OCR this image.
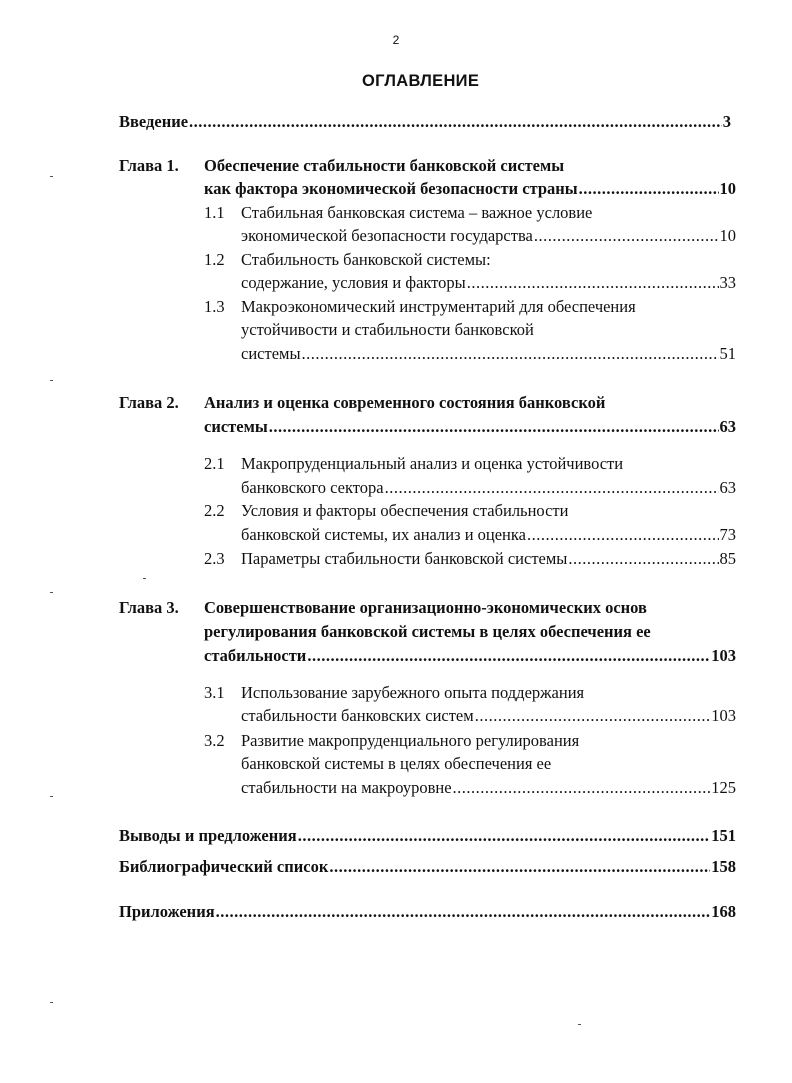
2
ОГЛАВЛЕНИЕ
Введение .....	3
Глава 1. Обеспечение стабильности банковской системы
как фактора экономической безопасности страны .....	10
1.1 Стабильная банковская система – важное условие
экономической безопасности государства .....	10
1.2 Стабильность банковской системы:
содержание, условия и факторы .....	33
1.3 Макроэкономический инструментарий для обеспечения
устойчивости и стабильности банковской
системы .....	51
Глава 2. Анализ и оценка современного состояния банковской
системы .....	63
2.1 Макропруденциальный анализ и оценка устойчивости
банковского сектора .....	63
2.2 Условия и факторы обеспечения стабильности
банковской системы, их анализ и оценка .....	73
2.3 Параметры стабильности банковской системы .....	85
Глава 3. Совершенствование организационно-экономических основ
регулирования банковской системы в целях обеспечения ее
стабильности .....	103
3.1 Использование зарубежного опыта поддержания
стабильности банковских систем .....	103
3.2 Развитие макропруденциального регулирования
банковской системы в целях обеспечения ее
стабильности на макроуровне .....	125
Выводы и предложения .....	151
Библиографический список .....	158
Приложения .....	168
